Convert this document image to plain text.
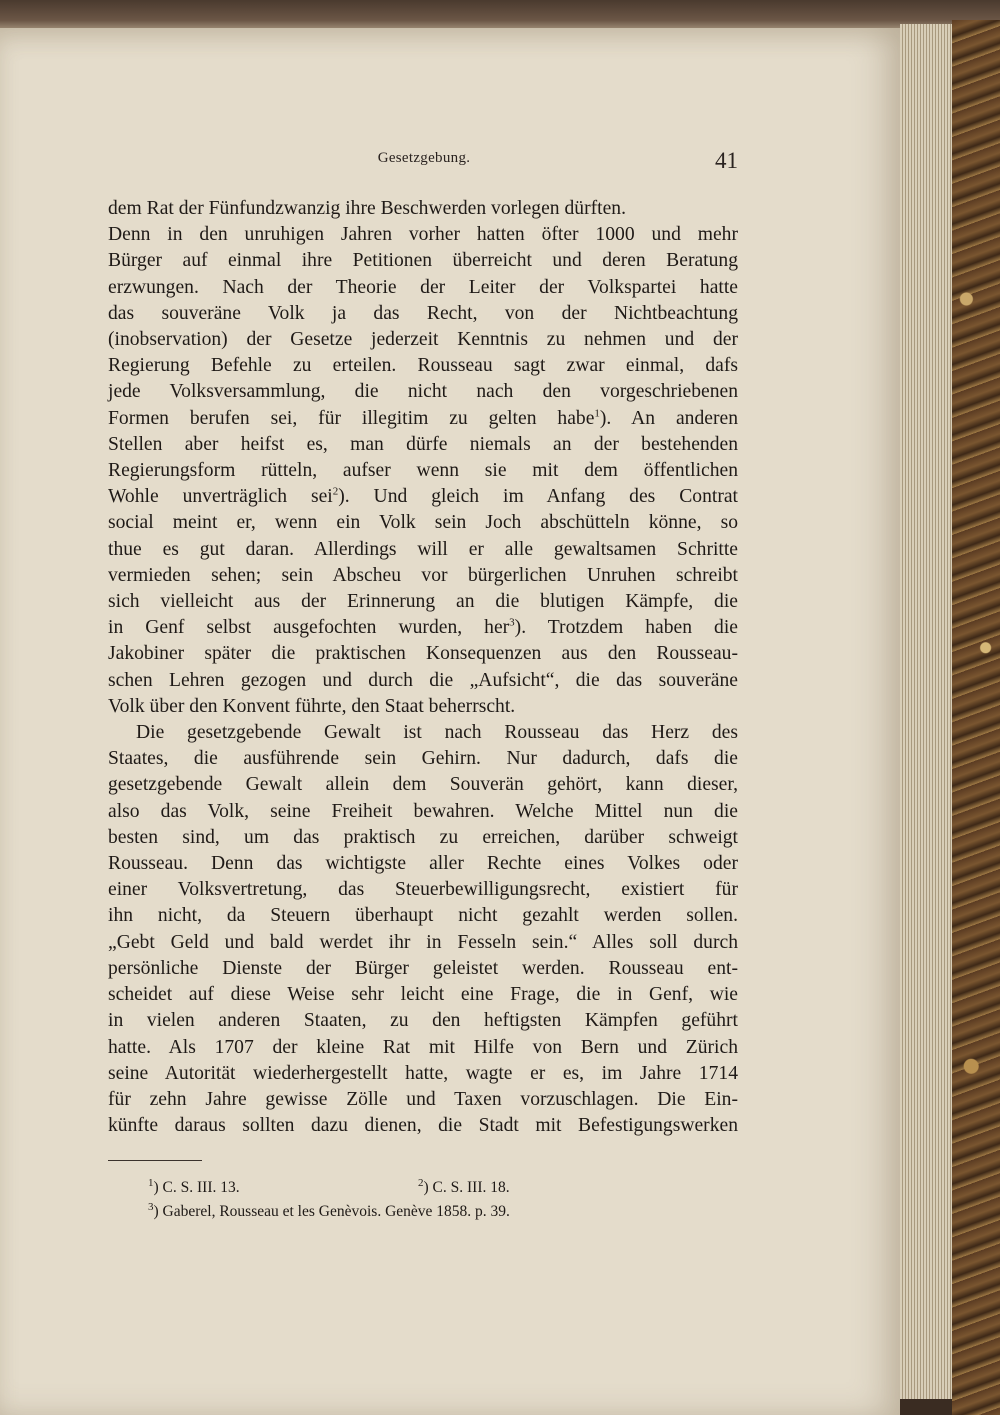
Gesetzgebung.	41
dem Rat der Fünfundzwanzig ihre Beschwerden vorlegen dürften.
Denn in den unruhigen Jahren vorher hatten öfter 1000 und mehr
Bürger auf einmal ihre Petitionen überreicht und deren Beratung
erzwungen. Nach der Theorie der Leiter der Volkspartei hatte
das souveräne Volk ja das Recht, von der Nichtbeachtung
(inobservation) der Gesetze jederzeit Kenntnis zu nehmen und der
Regierung Befehle zu erteilen. Rousseau sagt zwar einmal, dafs
jede Volksversammlung, die nicht nach den vorgeschriebenen
Formen berufen sei, für illegitim zu gelten habe$^1$). An anderen
Stellen aber heifst es, man dürfe niemals an der bestehenden
Regierungsform rütteln, aufser wenn sie mit dem öffentlichen
Wohle unverträglich sei$^2$). Und gleich im Anfang des Contrat
social meint er, wenn ein Volk sein Joch abschütteln könne, so
thue es gut daran. Allerdings will er alle gewaltsamen Schritte
vermieden sehen; sein Abscheu vor bürgerlichen Unruhen schreibt
sich vielleicht aus der Erinnerung an die blutigen Kämpfe, die
in Genf selbst ausgefochten wurden, her$^3$). Trotzdem haben die
Jakobiner später die praktischen Konsequenzen aus den Rousseau-
schen Lehren gezogen und durch die „Aufsicht“, die das souveräne
Volk über den Konvent führte, den Staat beherrscht.
Die gesetzgebende Gewalt ist nach Rousseau das Herz des
Staates, die ausführende sein Gehirn. Nur dadurch, dafs die
gesetzgebende Gewalt allein dem Souverän gehört, kann dieser,
also das Volk, seine Freiheit bewahren. Welche Mittel nun die
besten sind, um das praktisch zu erreichen, darüber schweigt
Rousseau. Denn das wichtigste aller Rechte eines Volkes oder
einer Volksvertretung, das Steuerbewilligungsrecht, existiert für
ihn nicht, da Steuern überhaupt nicht gezahlt werden sollen.
„Gebt Geld und bald werdet ihr in Fesseln sein.“ Alles soll durch
persönliche Dienste der Bürger geleistet werden. Rousseau ent-
scheidet auf diese Weise sehr leicht eine Frage, die in Genf, wie
in vielen anderen Staaten, zu den heftigsten Kämpfen geführt
hatte. Als 1707 der kleine Rat mit Hilfe von Bern und Zürich
seine Autorität wiederhergestellt hatte, wagte er es, im Jahre 1714
für zehn Jahre gewisse Zölle und Taxen vorzuschlagen. Die Ein-
künfte daraus sollten dazu dienen, die Stadt mit Befestigungswerken
$^1$) C. S. III. 13.	$^2$) C. S. III. 18.
$^3$) Gaberel, Rousseau et les Genèvois. Genève 1858. p. 39.
